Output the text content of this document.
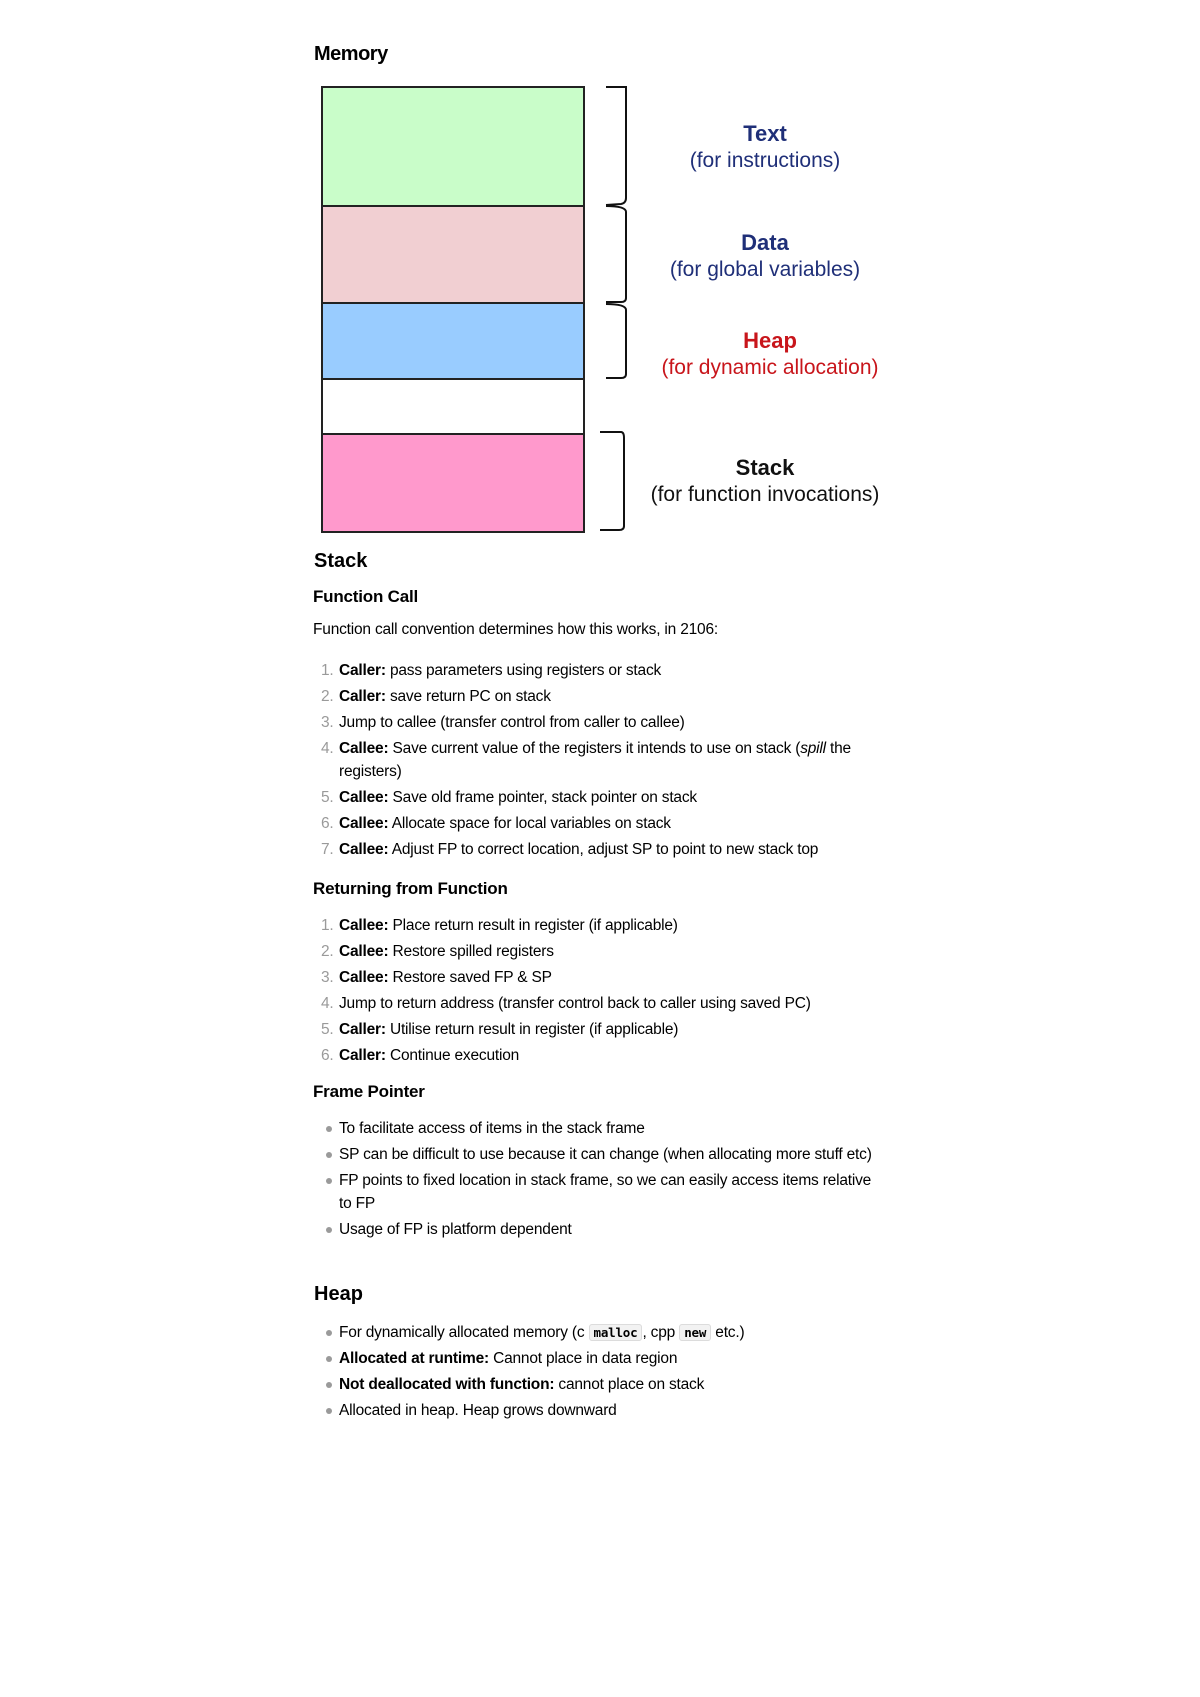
Memory
Text
(for instructions)
Data
(for global variables)
Heap
(for dynamic allocation)
Stack
(for function invocations)
Stack
Function Call

Function call convention determines how this works, in 2106:

1. Caller: pass parameters using registers or stack
2. Caller: save return PC on stack
3. Jump to callee (transfer control from caller to callee)
4. Callee: Save current value of the registers it intends to use on stack (spill the registers)
5. Callee: Save old frame pointer, stack pointer on stack
6. Callee: Allocate space for local variables on stack
7. Callee: Adjust FP to correct location, adjust SP to point to new stack top
Returning from Function
1. Callee: Place return result in register (if applicable)
2. Callee: Restore spilled registers
3. Callee: Restore saved FP & SP
4. Jump to return address (transfer control back to caller using saved PC)
5. Caller: Utilise return result in register (if applicable)
6. Caller: Continue execution
Frame Pointer
To facilitate access of items in the stack frame
SP can be difficult to use because it can change (when allocating more stuff etc)
FP points to fixed location in stack frame, so we can easily access items relative to FP
Usage of FP is platform dependent
Heap
For dynamically allocated memory (c malloc , cpp new etc.)
Allocated at runtime: Cannot place in data region
Not deallocated with function: cannot place on stack
Allocated in heap. Heap grows downward
